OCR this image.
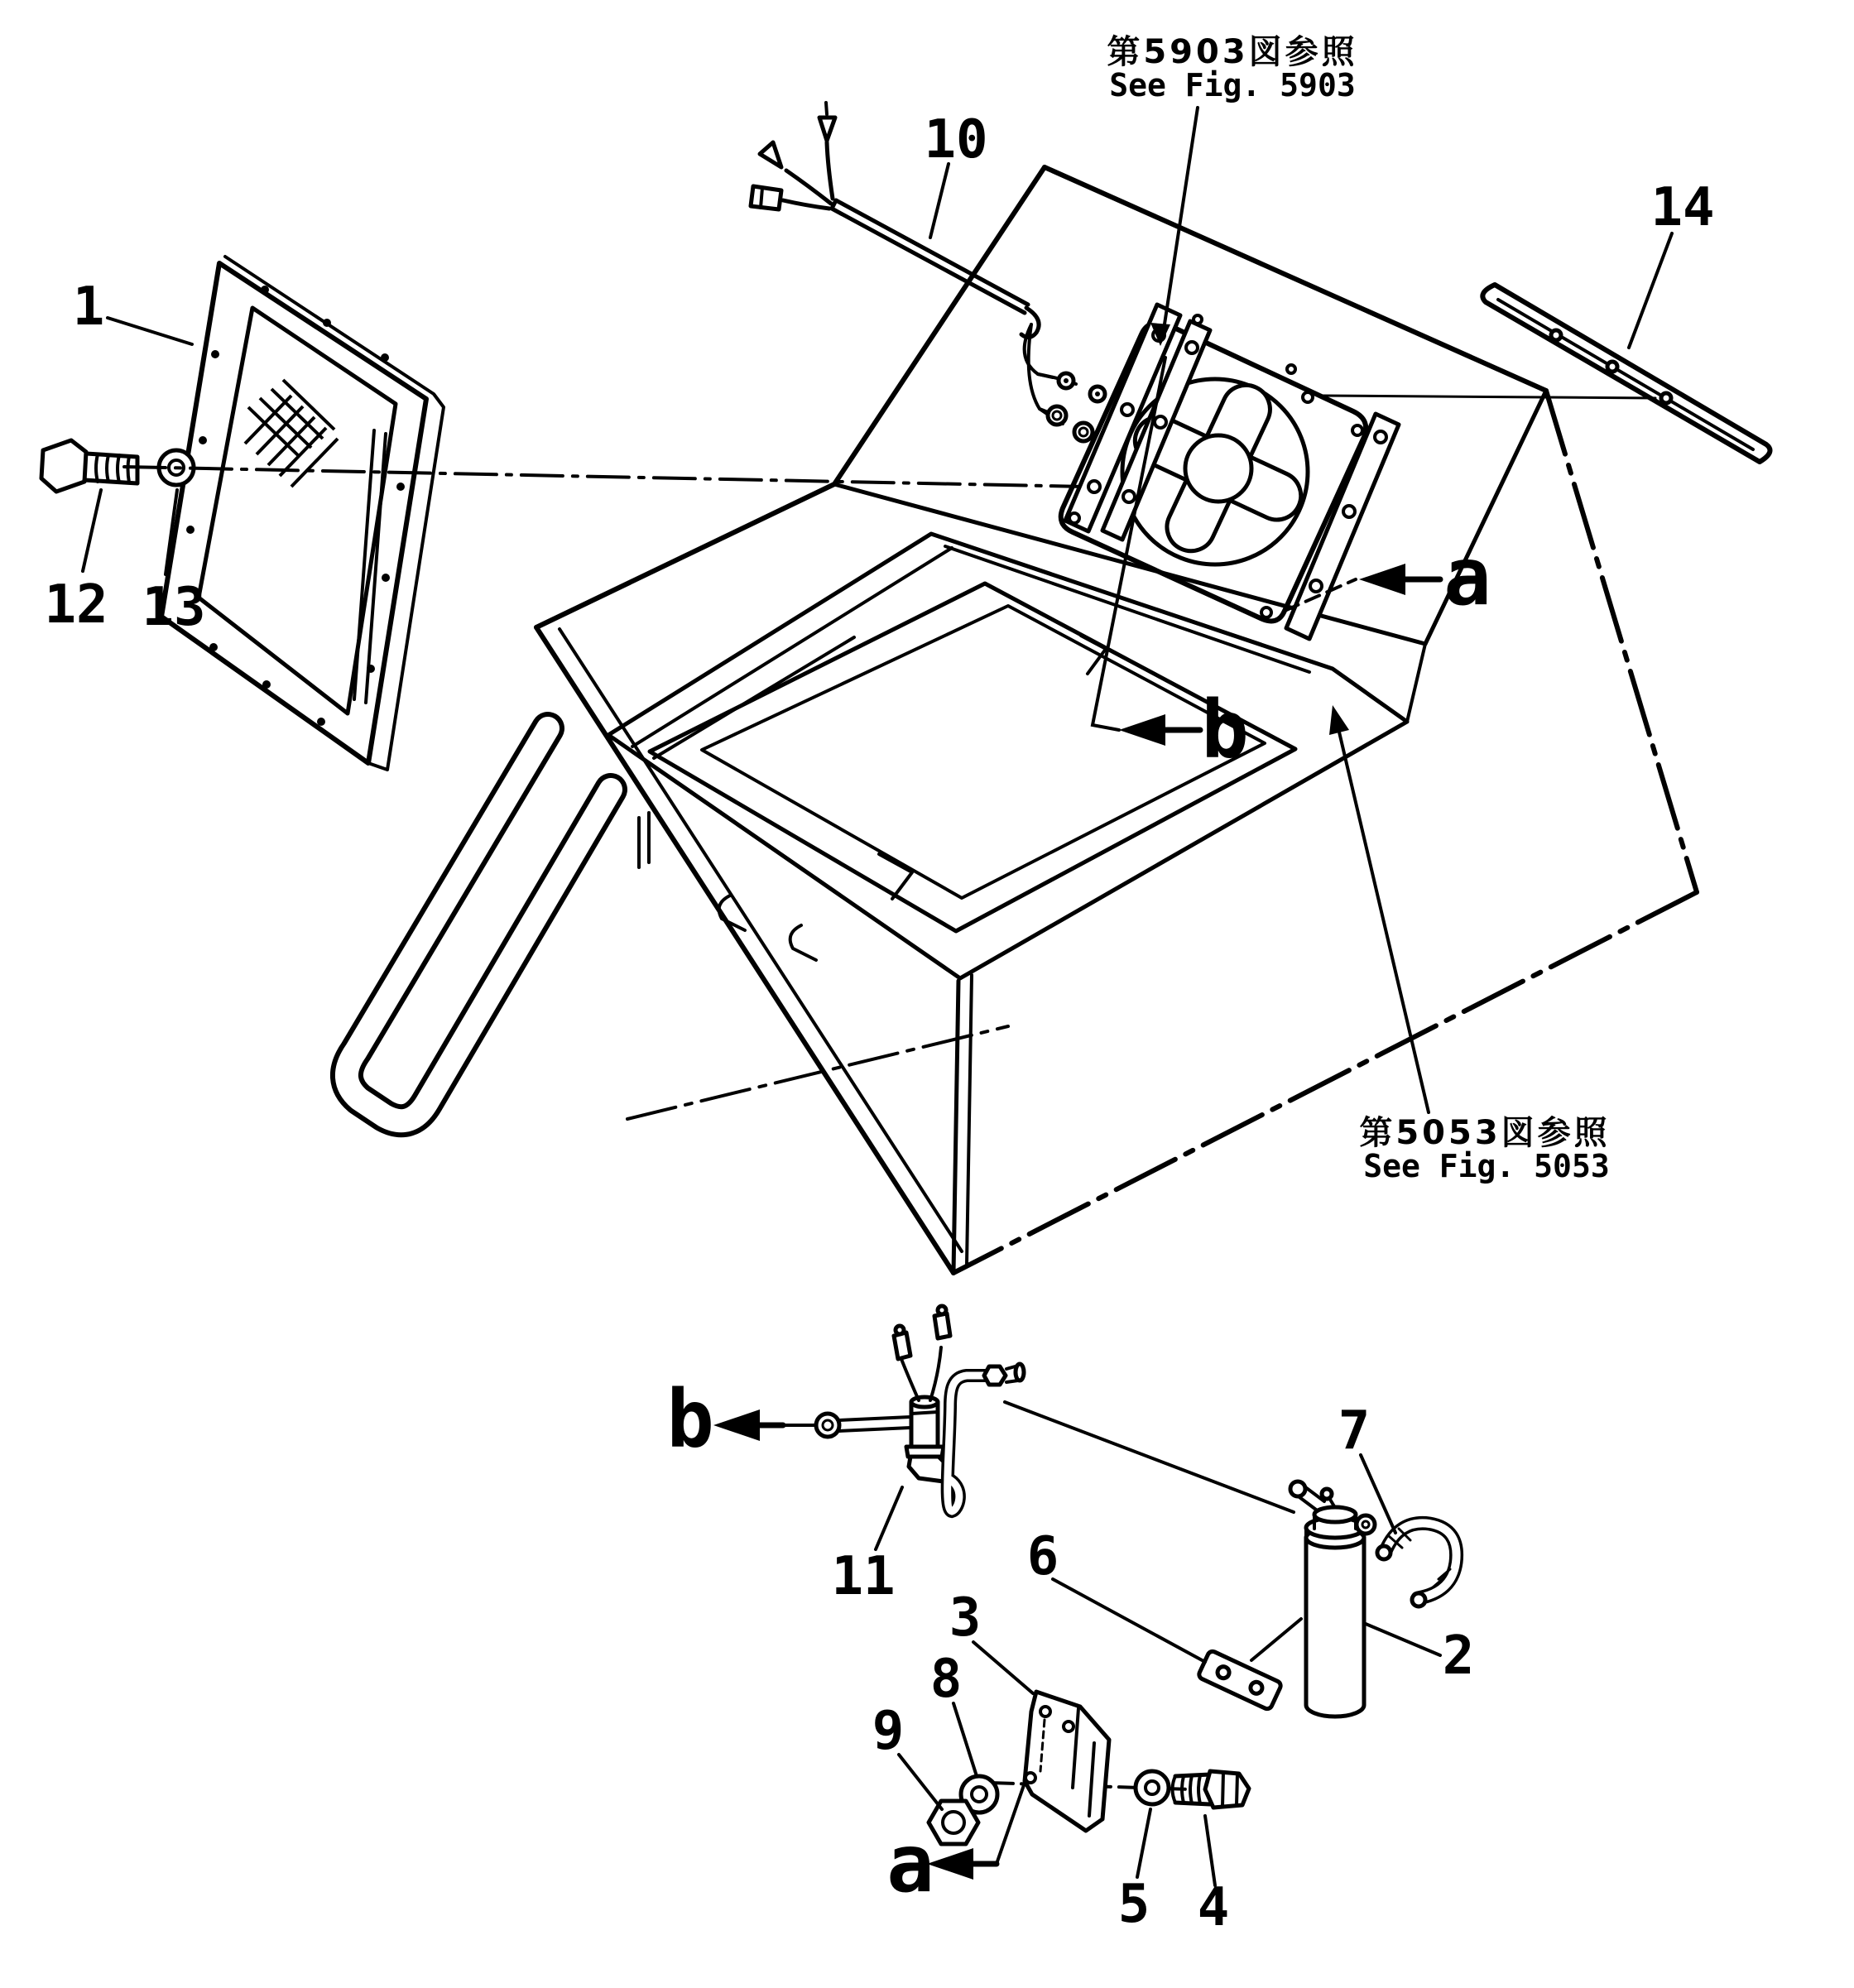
第5903図参照
See Fig. 5903
第5053図参照
See Fig. 5053
1
10
14
12 13
11 6
7
2
3
8
9
5 4
a
b
b
a
